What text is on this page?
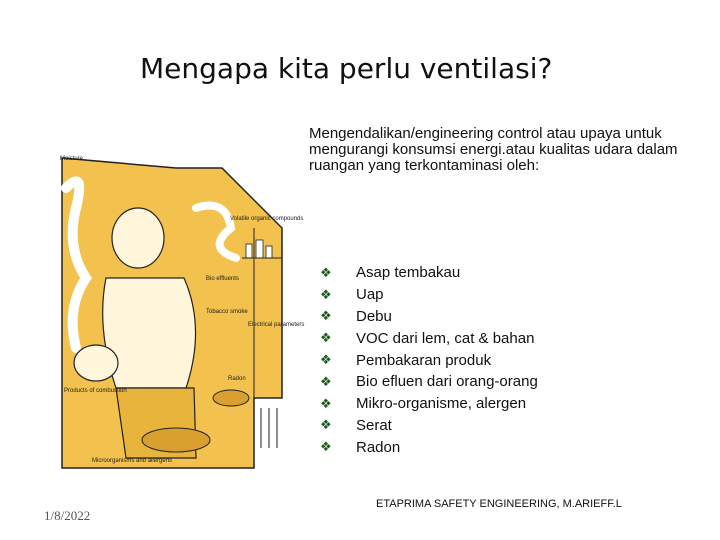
Mengapa kita perlu ventilasi?
Moisture
Volatile organic compounds
Bio effluents
Tobacco smoke
Electrical parameters
Radon
Products of combustion
Microorganisms and allergens
Mengendalikan/engineering control atau upaya untuk mengurangi konsumsi energi.atau kualitas udara dalam ruangan yang terkontaminasi oleh:
❖	Asap tembakau
❖	Uap
❖	Debu
❖	VOC dari lem, cat & bahan
❖	Pembakaran produk
❖	Bio efluen dari orang-orang
❖	Mikro-organisme, alergen
❖	Serat
❖	Radon
1/8/2022
ETAPRIMA SAFETY ENGINEERING, M.ARIEFF.L
